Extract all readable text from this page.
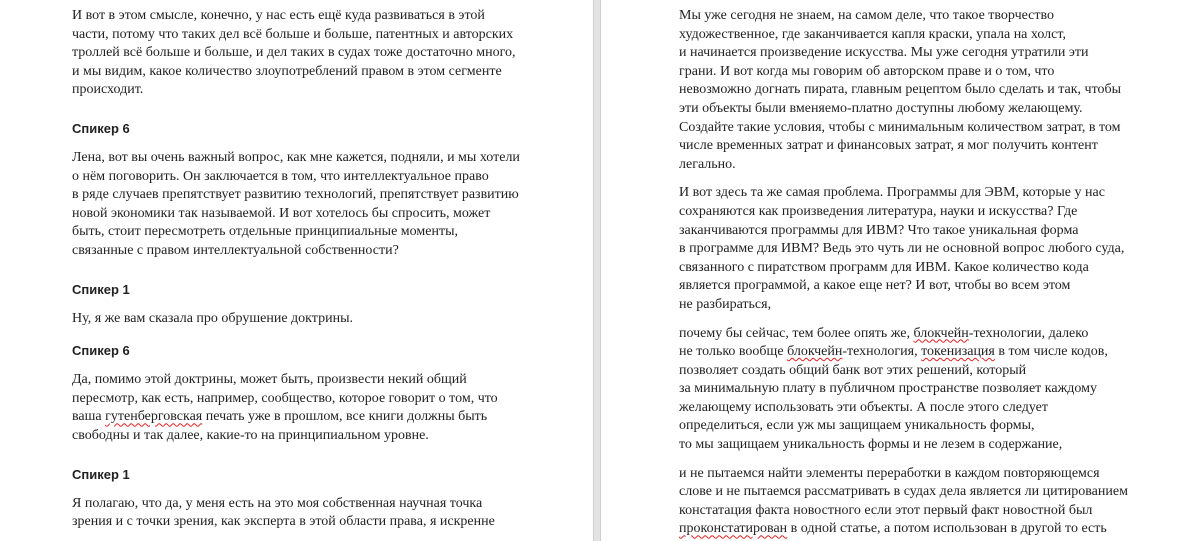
И вот в этом смысле, конечно, у нас есть ещё куда развиваться в этой
части, потому что таких дел всё больше и больше, патентных и авторских
троллей всё больше и больше, и дел таких в судах тоже достаточно много,
и мы видим, какое количество злоупотреблений правом в этом сегменте
происходит.

Спикер 6

Лена, вот вы очень важный вопрос, как мне кажется, подняли, и мы хотели
о нём поговорить. Он заключается в том, что интеллектуальное право
в ряде случаев препятствует развитию технологий, препятствует развитию
новой экономики так называемой. И вот хотелось бы спросить, может
быть, стоит пересмотреть отдельные принципиальные моменты,
связанные с правом интеллектуальной собственности?

Спикер 1

Ну, я же вам сказала про обрушение доктрины.

Спикер 6

Да, помимо этой доктрины, может быть, произвести некий общий
пересмотр, как есть, например, сообщество, которое говорит о том, что
ваша гутенберговская печать уже в прошлом, все книги должны быть
свободны и так далее, какие-то на принципиальном уровне.

Спикер 1

Я полагаю, что да, у меня есть на это моя собственная научная точка
зрения и с точки зрения, как эксперта в этой области права, я искренне

Мы уже сегодня не знаем, на самом деле, что такое творчество
художественное, где заканчивается капля краски, упала на холст,
и начинается произведение искусства. Мы уже сегодня утратили эти
грани. И вот когда мы говорим об авторском праве и о том, что
невозможно догнать пирата, главным рецептом было сделать и так, чтобы
эти объекты были вменяемо-платно доступны любому желающему.
Создайте такие условия, чтобы с минимальным количеством затрат, в том
числе временных затрат и финансовых затрат, я мог получить контент
легально.

И вот здесь та же самая проблема. Программы для ЭВМ, которые у нас
сохраняются как произведения литература, науки и искусства? Где
заканчиваются программы для ИВМ? Что такое уникальная форма
в программе для ИВМ? Ведь это чуть ли не основной вопрос любого суда,
связанного с пиратством программ для ИВМ. Какое количество кода
является программой, а какое еще нет? И вот, чтобы во всем этом
не разбираться,

почему бы сейчас, тем более опять же, блокчейн-технологии, далеко
не только вообще блокчейн-технология, токенизация в том числе кодов,
позволяет создать общий банк вот этих решений, который
за минимальную плату в публичном пространстве позволяет каждому
желающему использовать эти объекты. А после этого следует
определиться, если уж мы защищаем уникальность формы,
то мы защищаем уникальность формы и не лезем в содержание,

и не пытаемся найти элементы переработки в каждом повторяющемся
слове и не пытаемся рассматривать в судах дела является ли цитированием
констатация факта новостного если этот первый факт новостной был
проконстатирован в одной статье, а потом использован в другой то есть
